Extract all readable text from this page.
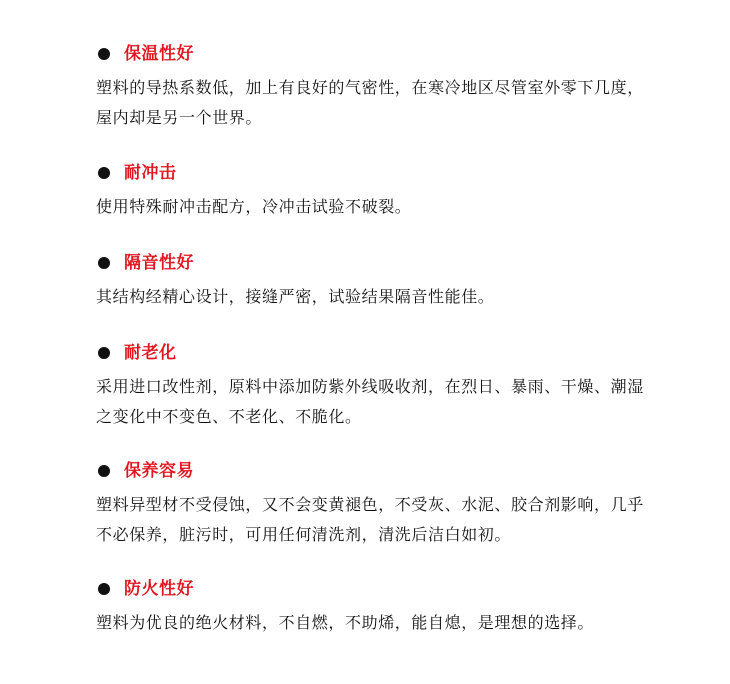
保温性好
塑料的导热系数低，加上有良好的气密性，在寒冷地区尽管室外零下几度，屋内却是另一个世界。
耐冲击
使用特殊耐冲击配方，冷冲击试验不破裂。
隔音性好
其结构经精心设计，接缝严密，试验结果隔音性能佳。
耐老化
采用进口改性剂，原料中添加防紫外线吸收剂，在烈日、暴雨、干燥、潮湿之变化中不变色、不老化、不脆化。
保养容易
塑料异型材不受侵蚀，又不会变黄褪色，不受灰、水泥、胶合剂影响，几乎不必保养，脏污时，可用任何清洗剂，清洗后洁白如初。
防火性好
塑料为优良的绝火材料，不自燃，不助烯，能自熄，是理想的选择。
